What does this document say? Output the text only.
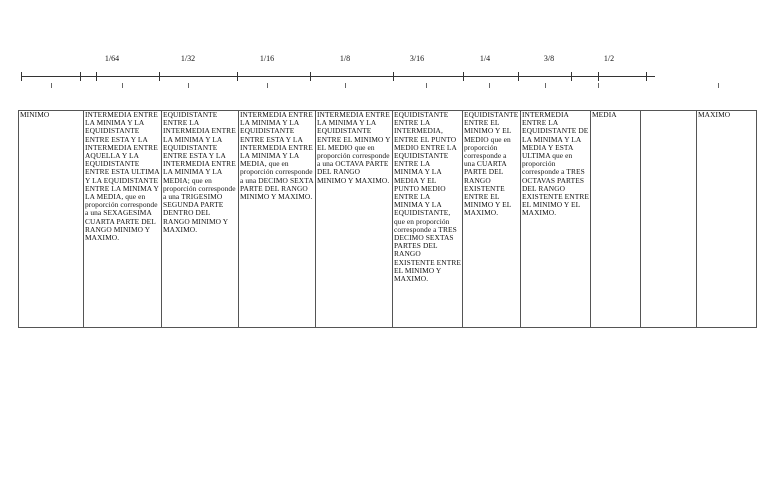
1/64	1/32	1/16	1/8	3/16	1/4	3/8	1/2
MINIMO	INTERMEDIA ENTRE LA MINIMA Y LA EQUIDISTANTE ENTRE ESTA Y LA INTERMEDIA ENTRE AQUELLA Y LA EQUIDISTANTE ENTRE ESTA ULTIMA Y LA EQUIDISTANTE ENTRE LA MINIMA Y LA MEDIA, que en proporción corresponde a una SEXAGESIMA CUARTA PARTE DEL RANGO MINIMO Y MAXIMO.	EQUIDISTANTE ENTRE LA INTERMEDIA ENTRE LA MINIMA Y LA EQUIDISTANTE ENTRE ESTA Y LA INTERMEDIA ENTRE LA MINIMA Y LA MEDIA; que en proporción corresponde a una TRIGESIMO SEGUNDA PARTE DENTRO DEL RANGO MINIMO Y MAXIMO.	INTERMEDIA ENTRE LA MINIMA Y LA EQUIDISTANTE ENTRE ESTA Y LA INTERMEDIA ENTRE LA MINIMA Y LA MEDIA, que en proporción corresponde a una DECIMO SEXTA PARTE DEL RANGO MINIMO Y MAXIMO.	INTERMEDIA ENTRE LA MINIMA Y LA EQUIDISTANTE ENTRE EL MINIMO Y EL MEDIO que en proporción corresponde a una OCTAVA PARTE DEL RANGO MINIMO Y MAXIMO.	EQUIDISTANTE ENTRE LA INTERMEDIA, ENTRE EL PUNTO MEDIO ENTRE LA EQUIDISTANTE ENTRE LA MINIMA Y LA MEDIA Y EL PUNTO MEDIO ENTRE LA MINIMA Y LA EQUIDISTANTE, que en proporción corresponde a TRES DECIMO SEXTAS PARTES DEL RANGO EXISTENTE ENTRE EL MINIMO Y MAXIMO.	EQUIDISTANTE ENTRE EL MINIMO Y EL MEDIO que en proporción corresponde a una CUARTA PARTE DEL RANGO EXISTENTE ENTRE EL MINIMO Y EL MAXIMO.	INTERMEDIA ENTRE LA EQUIDISTANTE DE LA MINIMA Y LA MEDIA Y ESTA ULTIMA que en proporción corresponde a TRES OCTAVAS PARTES DEL RANGO EXISTENTE ENTRE EL MINIMO Y EL MAXIMO.	MEDIA		MAXIMO
